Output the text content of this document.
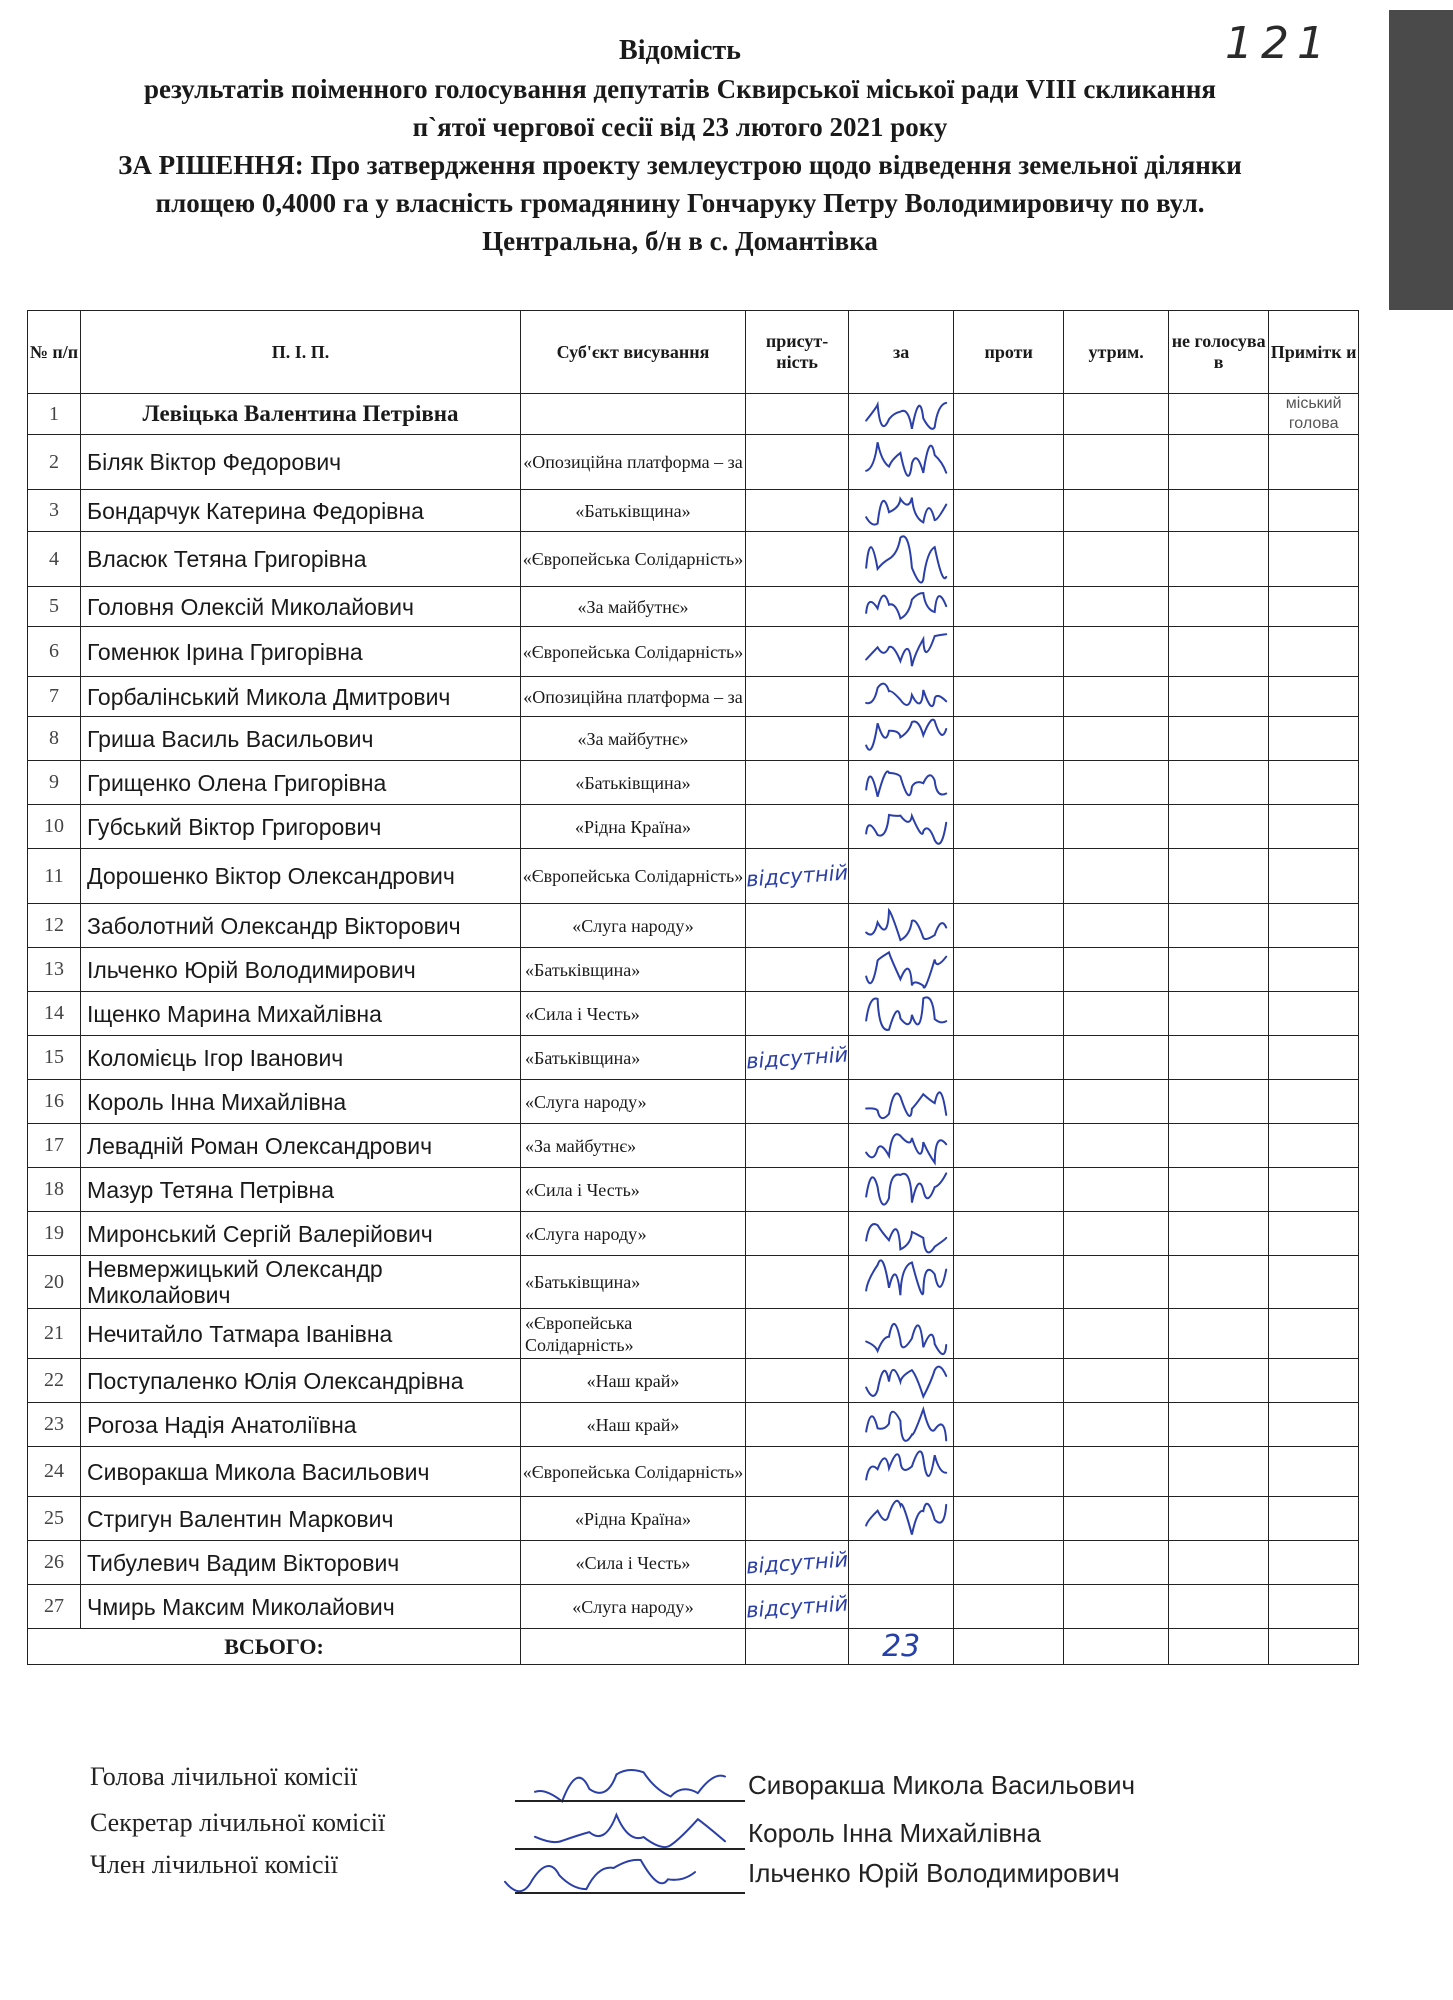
121
Відомість
результатів поіменного голосування депутатів Сквирської міської ради VIII скликання
п`ятої чергової сесії від 23 лютого 2021 року
ЗА РІШЕННЯ: Про затвердження проекту землеустрою щодо відведення земельної ділянки
площею 0,4000 га у власність громадянину Гончаруку Петру Володимировичу по вул.
Центральна, б/н в с. Домантівка
№ п/п	П. І. П.	Суб'єкт висування	присут-ність	за	проти	утрим.	не голосува в	Примітк и
1	Левіцька Валентина Петрівна							міський голова
2	Біляк Віктор Федорович	«Опозиційна платформа – за						
3	Бондарчук Катерина Федорівна	«Батьківщина»						
4	Власюк Тетяна Григорівна	«Європейська Солідарність»						
5	Головня Олексій Миколайович	«За майбутнє»						
6	Гоменюк Ірина Григорівна	«Європейська Солідарність»						
7	Горбалінський Микола Дмитрович	«Опозиційна платформа – за						
8	Гриша Василь Васильович	«За майбутнє»						
9	Грищенко Олена Григорівна	«Батьківщина»						
10	Губський Віктор Григорович	«Рідна Країна»						
11	Дорошенко Віктор Олександрович	«Європейська Солідарність»	відсутній					

12	Заболотний Олександр Вікторович	«Слуга народу»						
13	Ільченко Юрій Володимирович	«Батьківщина»						
14	Іщенко Марина Михайлівна	«Сила і Честь»						
15	Коломієць Ігор Іванович	«Батьківщина»	відсутній					

16	Король Інна Михайлівна	«Слуга народу»						
17	Левадній Роман Олександрович	«За майбутнє»						
18	Мазур Тетяна Петрівна	«Сила і Честь»						
19	Миронський Сергій Валерійович	«Слуга народу»						
20	Невмержицький Олександр Миколайович	«Батьківщина»						
21	Нечитайло Татмара Іванівна	«Європейська Солідарність»						
22	Поступаленко Юлія Олександрівна	«Наш край»						
23	Рогоза Надія Анатоліївна	«Наш край»						
24	Сиворакша Микола Васильович	«Європейська Солідарність»						
25	Стригун Валентин Маркович	«Рідна Країна»						
26	Тибулевич Вадим Вікторович	«Сила і Честь»	відсутній					

27	Чмирь Максим Миколайович	«Слуга народу»	відсутній					

ВСЬОГО:				23				
Голова лічильної комісії	Сиворакша Микола Васильович
Секретар лічильної комісії	Король Інна Михайлівна
Член лічильної комісії	Ільченко Юрій Володимирович
